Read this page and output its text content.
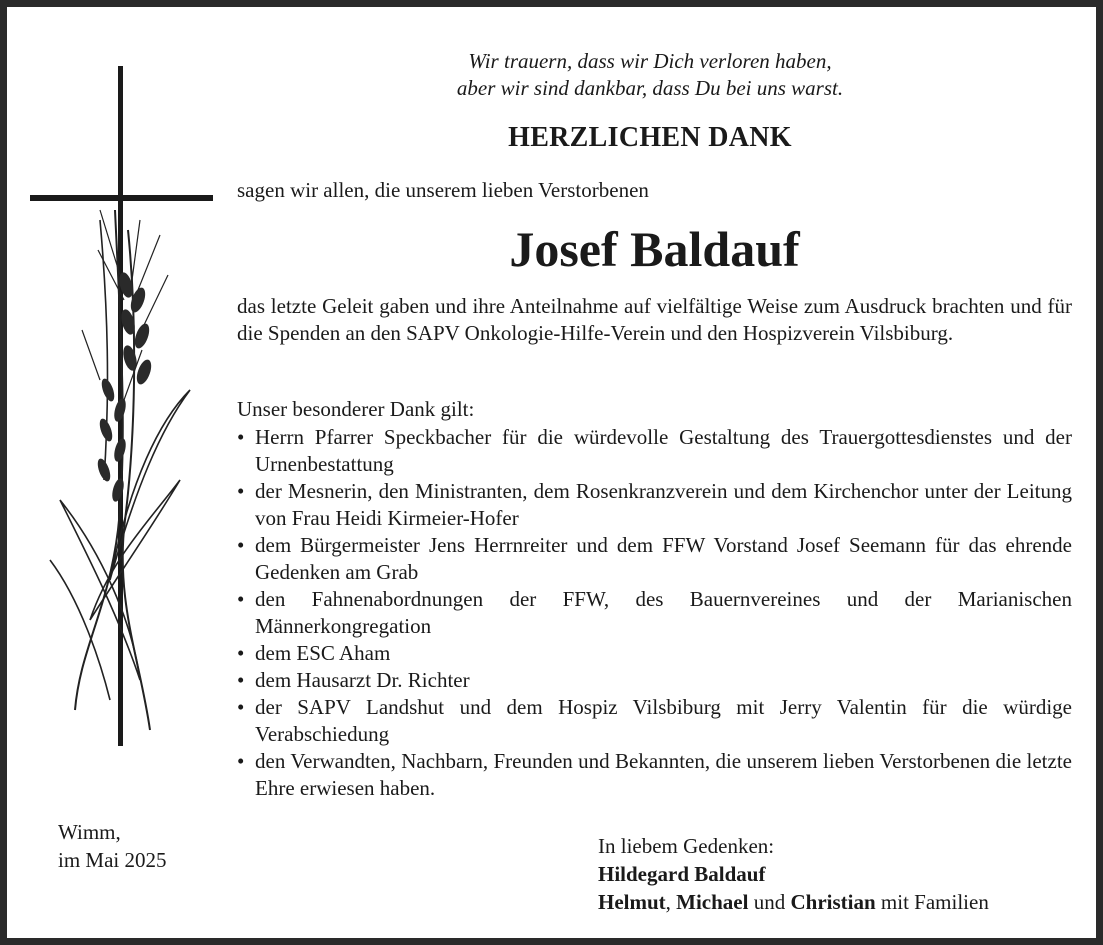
Wir trauern, dass wir Dich verloren haben,
aber wir sind dankbar, dass Du bei uns warst.
HERZLICHEN DANK
sagen wir allen, die unserem lieben Verstorbenen
Josef Baldauf
das letzte Geleit gaben und ihre Anteilnahme auf vielfältige Weise zum Ausdruck brachten und für die Spenden an den SAPV Onkologie-Hilfe-Verein und den Hospizverein Vilsbiburg.
Unser besonderer Dank gilt:
• Herrn Pfarrer Speckbacher für die würdevolle Gestaltung des Trauergottesdienstes und der Urnenbestattung
• der Mesnerin, den Ministranten, dem Rosenkranzverein und dem Kirchenchor unter der Leitung von Frau Heidi Kirmeier-Hofer
• dem Bürgermeister Jens Herrnreiter und dem FFW Vorstand Josef Seemann für das ehrende Gedenken am Grab
• den Fahnenabordnungen der FFW, des Bauernvereines und der Marianischen Männerkongregation
• dem ESC Aham
• dem Hausarzt Dr. Richter
• der SAPV Landshut und dem Hospiz Vilsbiburg mit Jerry Valentin für die würdige Verabschiedung
• den Verwandten, Nachbarn, Freunden und Bekannten, die unserem lieben Verstorbenen die letzte Ehre erwiesen haben.
Wimm,
im Mai 2025
In liebem Gedenken:
Hildegard Baldauf
Helmut, Michael und Christian mit Familien
